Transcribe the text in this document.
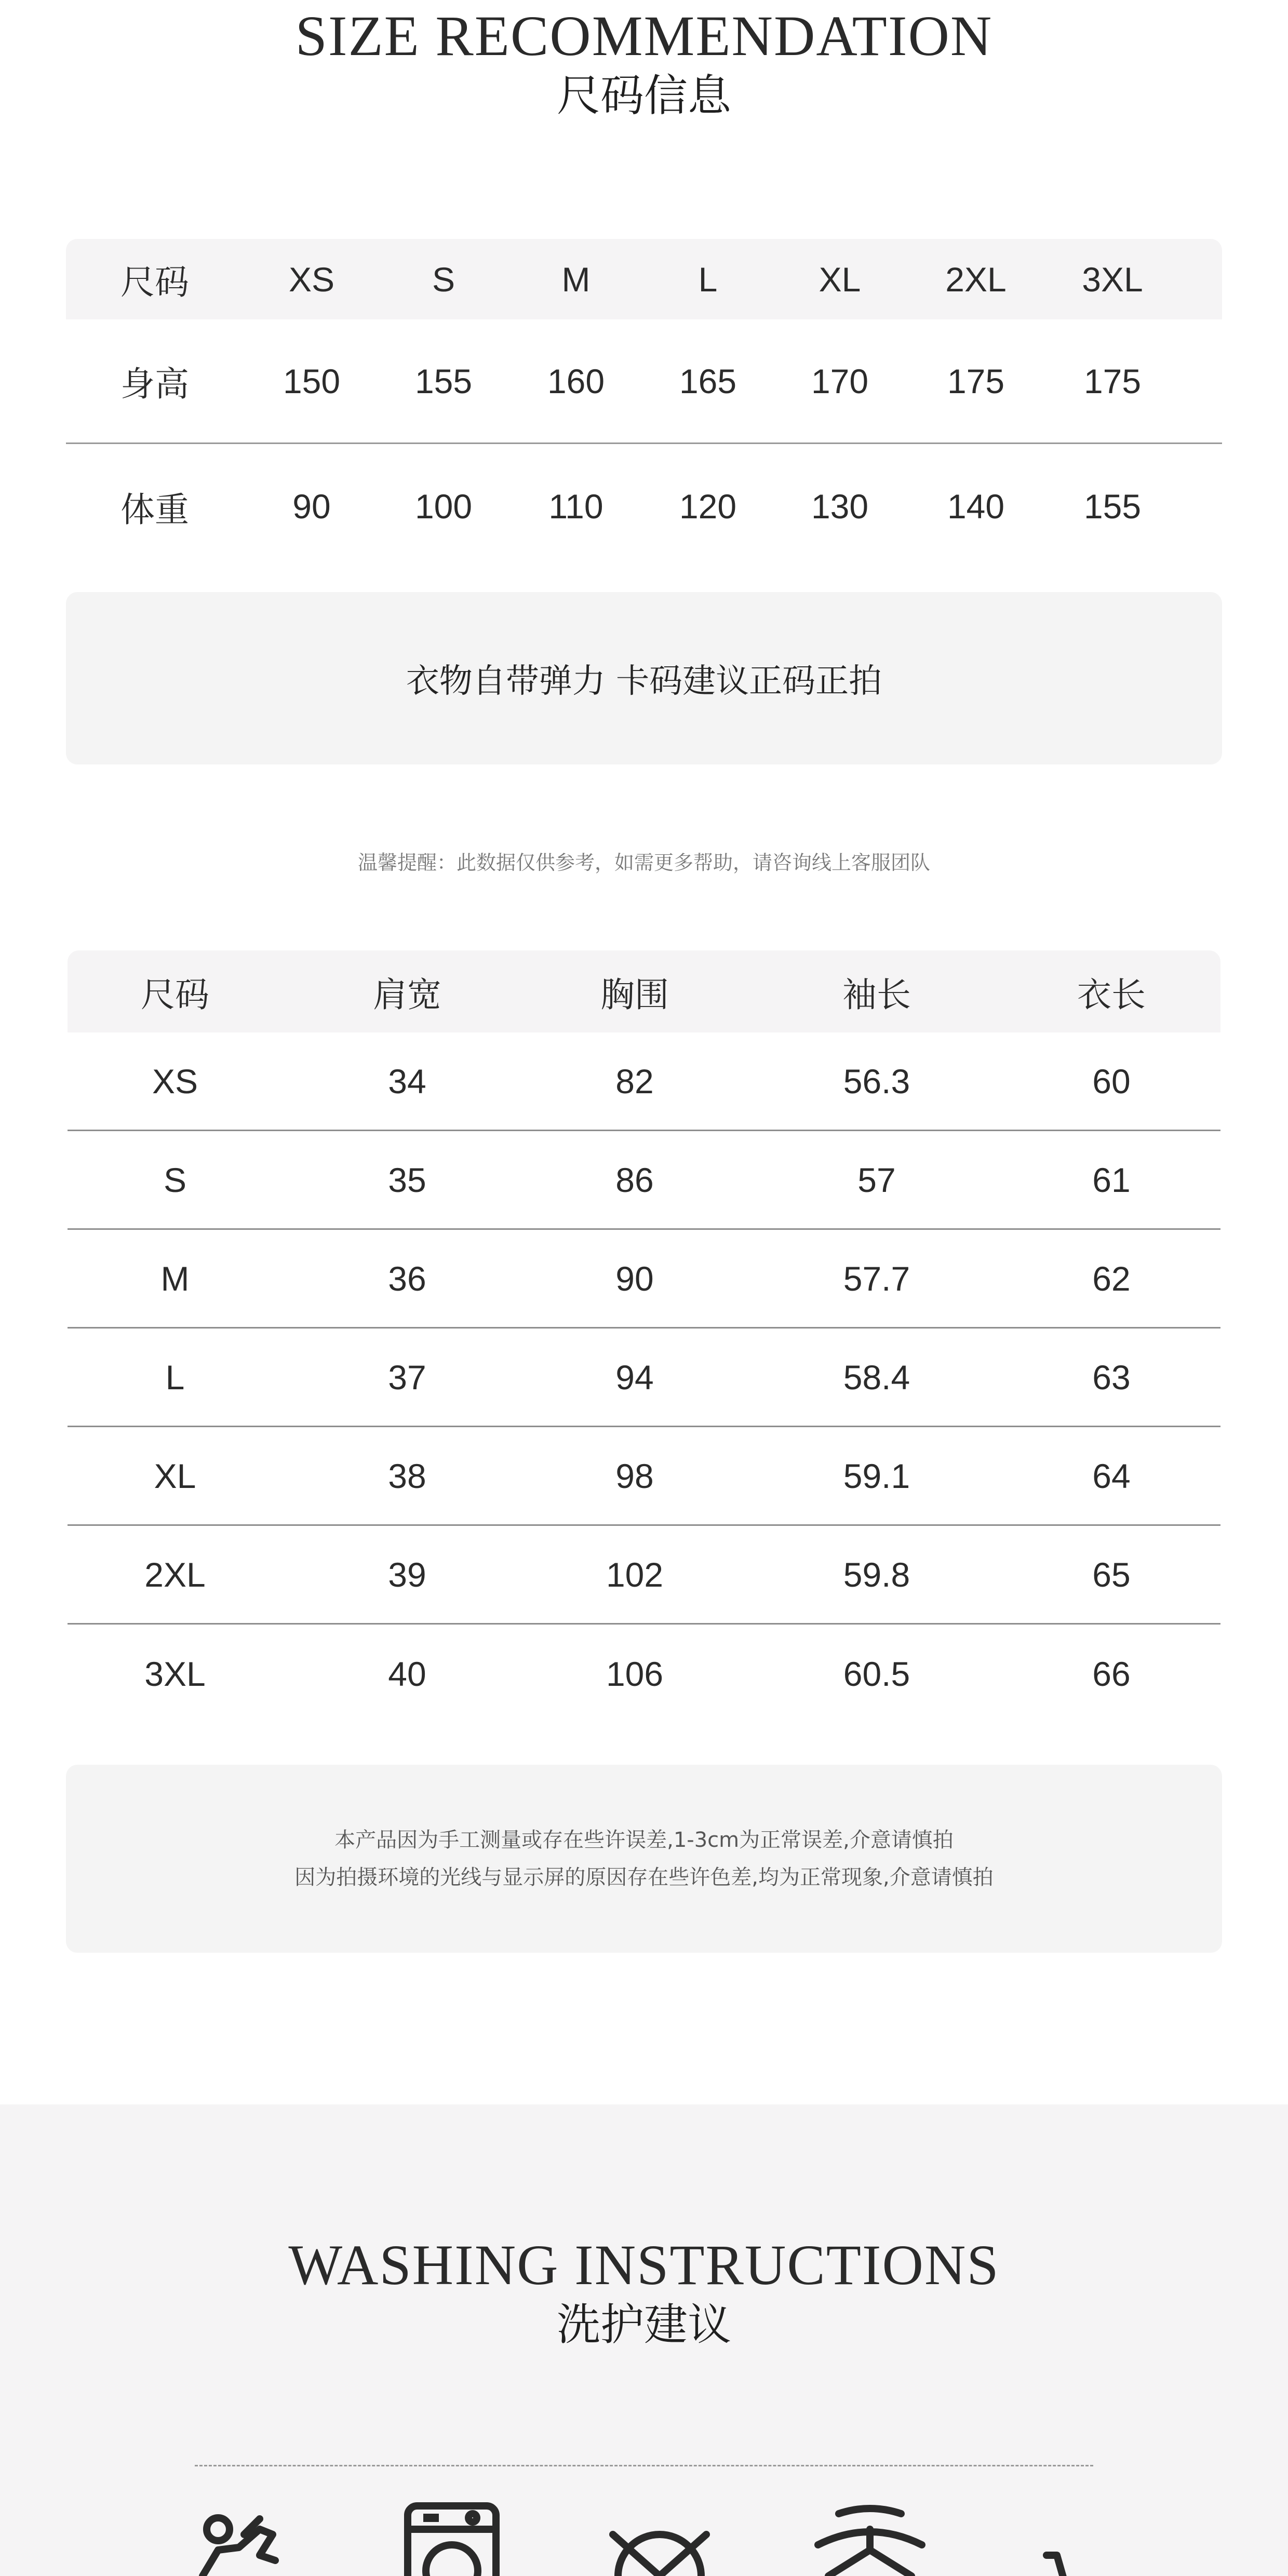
SIZE RECOMMENDATION
尺码信息
尺码	XS	S	M	L	XL	2XL	3XL
身高	150	155	160	165	170	175	175
体重	90	100	110	120	130	140	155
衣物自带弹力 卡码建议正码正拍
温馨提醒：此数据仅供参考，如需更多帮助，请咨询线上客服团队
尺码	肩宽	胸围	袖长	衣长
XS	34	82	56.3	60
S	35	86	57	61
M	36	90	57.7	62
L	37	94	58.4	63
XL	38	98	59.1	64
2XL	39	102	59.8	65
3XL	40	106	60.5	66
本产品因为手工测量或存在些许误差,1-3cm为正常误差,介意请慎拍
因为拍摄环境的光线与显示屏的原因存在些许色差,均为正常现象,介意请慎拍
WASHING INSTRUCTIONS
洗护建议
